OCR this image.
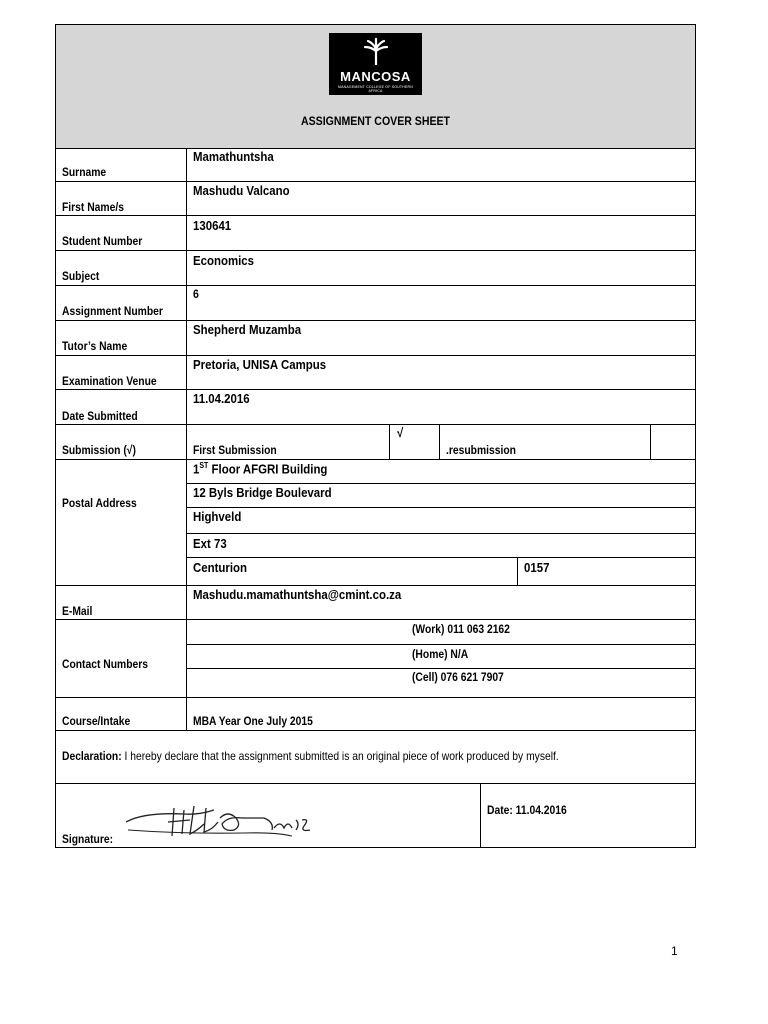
MANCOSA
MANAGEMENT COLLEGE OF SOUTHERN AFRICA
ASSIGNMENT COVER SHEET
Surname
First Name/s
Student Number
Subject
Assignment Number
Tutor’s Name
Examination Venue
Date Submitted
Submission (√)
Postal Address
E-Mail
Contact Numbers
Course/Intake
Mamathuntsha
Mashudu Valcano
130641
Economics
6
Shepherd Muzamba
Pretoria, UNISA Campus
11.04.2016
First Submission
√
.resubmission
1ST Floor AFGRI Building
12 Byls Bridge Boulevard
Highveld
Ext 73
Centurion	0157
Mashudu.mamathuntsha@cmint.co.za
(Work) 011 063 2162
(Home) N/A
(Cell) 076 621 7907
MBA Year One July 2015
Declaration: I hereby declare that the assignment submitted is an original piece of work produced by myself.
Signature:
Date: 11.04.2016
1
